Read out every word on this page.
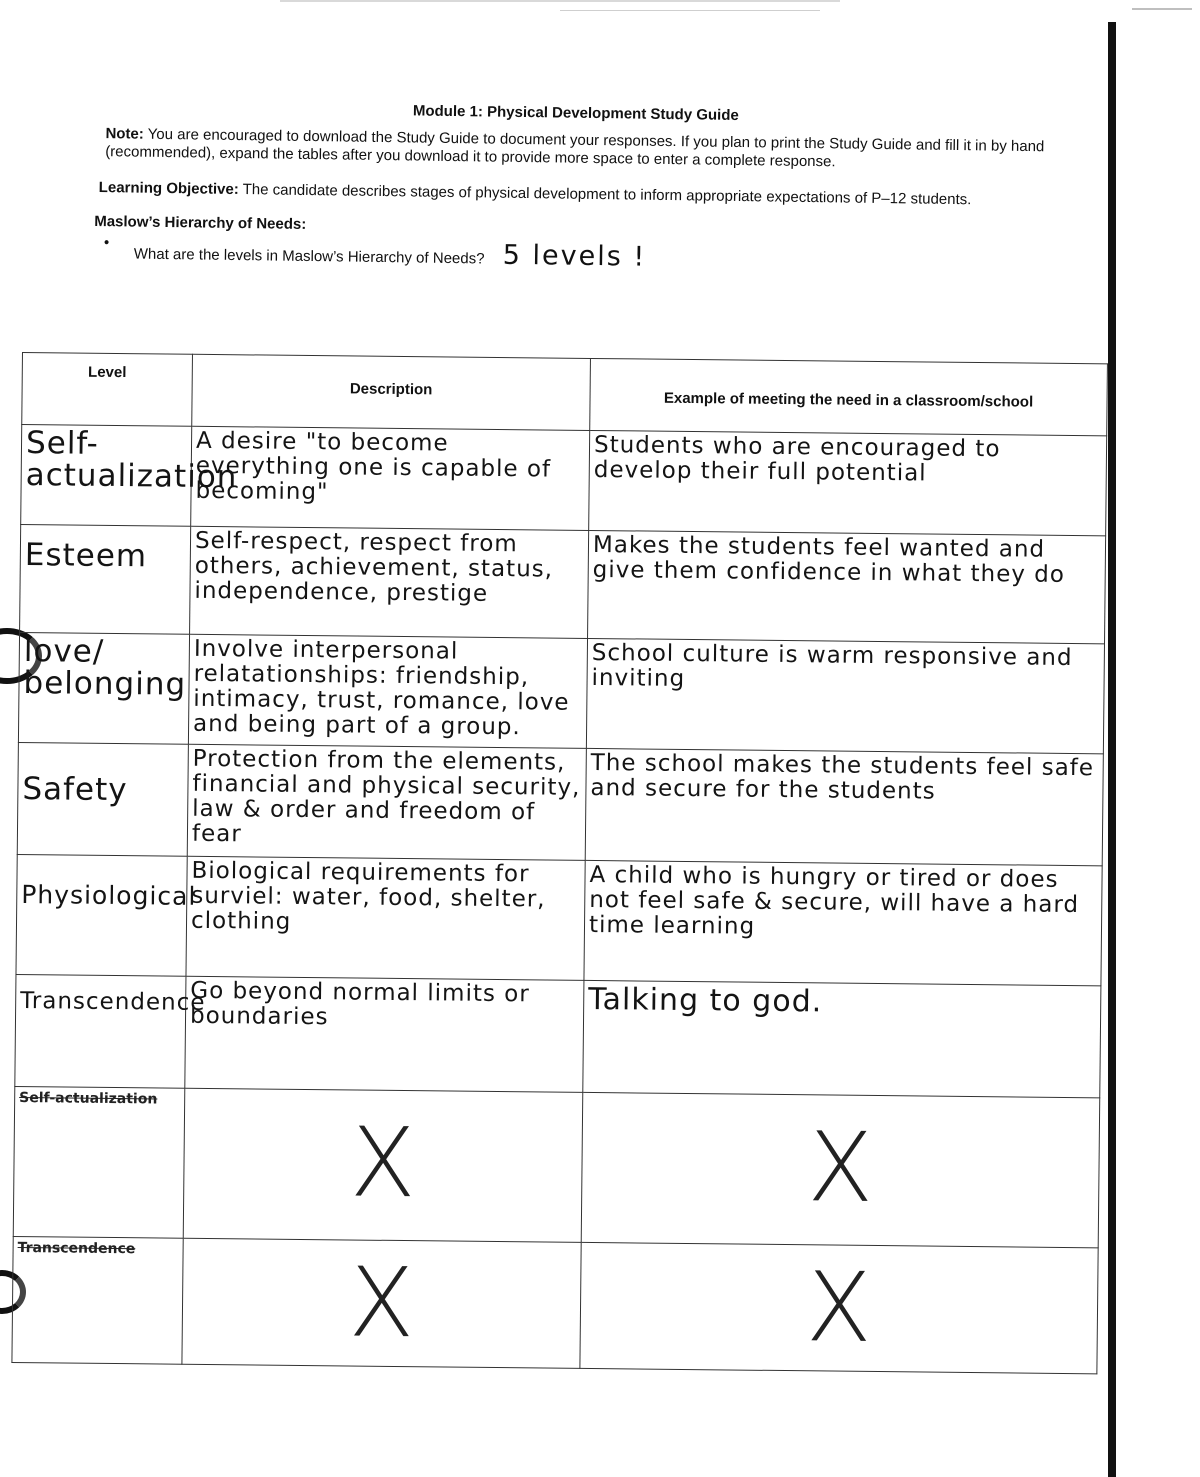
Module 1: Physical Development Study Guide

Note: You are encouraged to download the Study Guide to document your responses. If you plan to print the Study Guide and fill it in by hand (recommended), expand the tables after you download it to provide more space to enter a complete response.

Learning Objective: The candidate describes stages of physical development to inform appropriate expectations of P–12 students.

Maslow’s Hierarchy of Needs:
•
What are the levels in Maslow’s Hierarchy of Needs? 5 levels !
Level	Description	Example of meeting the need in a classroom/school
Self-actualization	A desire "to become everything one is capable of becoming"	Students who are encouraged to develop their full potential
Esteem	Self-respect, respect from others, achievement, status, independence, prestige	Makes the students feel wanted and give them confidence in what they do
love/ belonging	Involve interpersonal relatationships: friendship, intimacy, trust, romance, love and being part of a group.	School culture is warm responsive and inviting
Safety	Protection from the elements, financial and physical security, law & order and freedom of fear	The school makes the students feel safe and secure for the students
Physiological	Biological requirements for surviel: water, food, shelter, clothing	A child who is hungry or tired or does not feel safe & secure, will have a hard time learning
Transcendence	Go beyond normal limits or boundaries	Talking to god.
Self-actualization	X	X
Transcendence	X	X
